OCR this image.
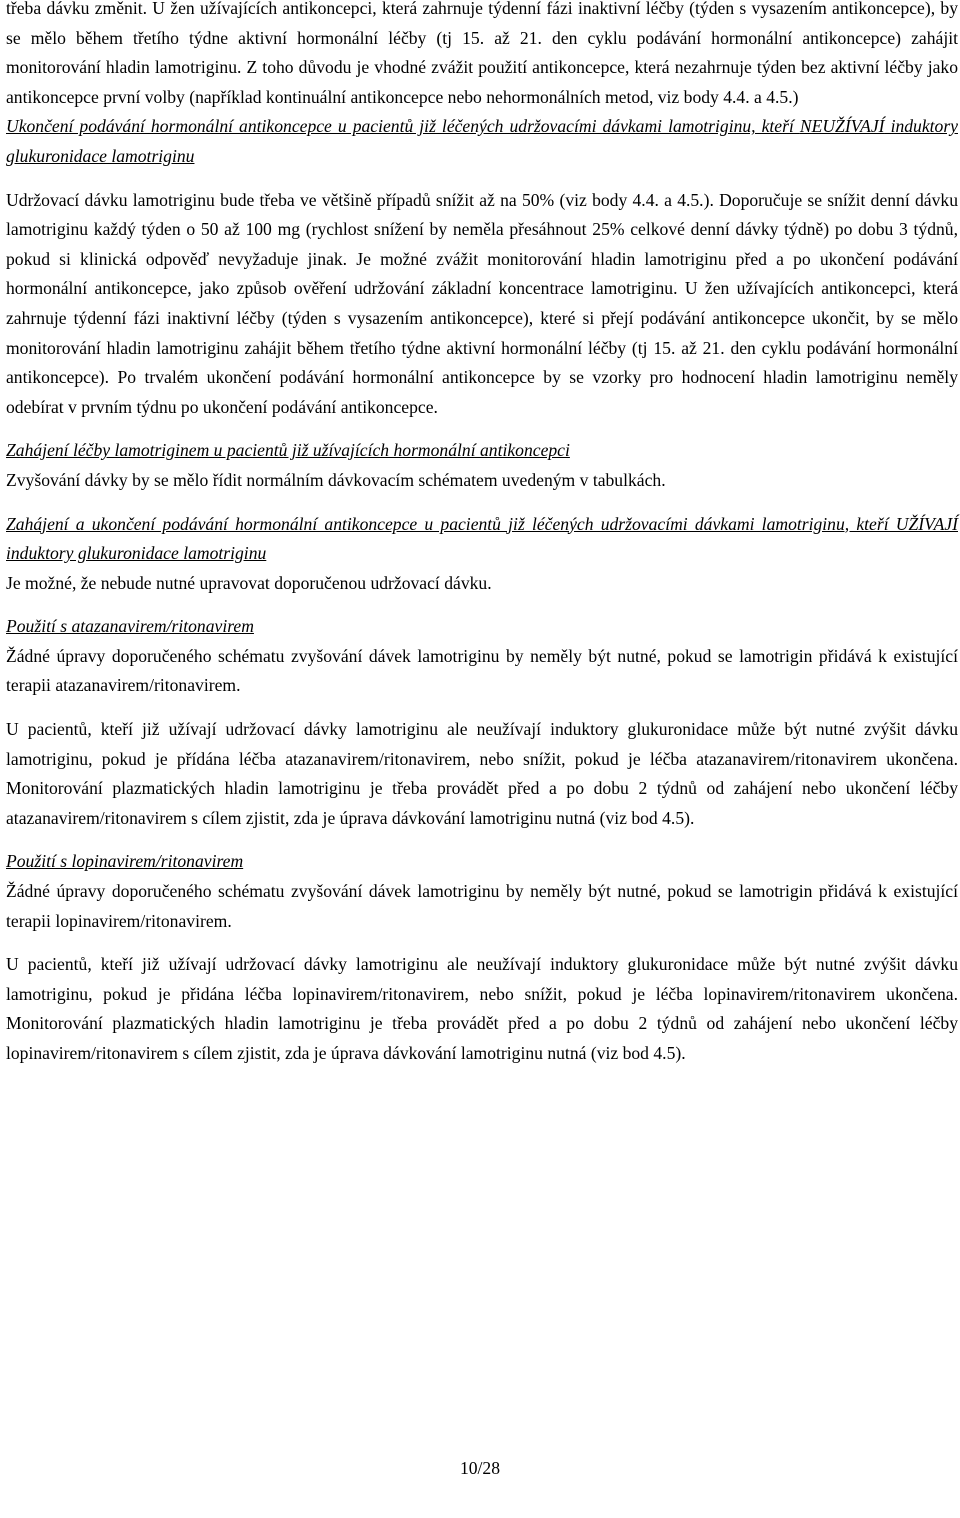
třeba dávku změnit. U žen užívajících antikoncepci, která zahrnuje týdenní fázi inaktivní léčby (týden s vysazením antikoncepce), by se mělo během třetího týdne aktivní hormonální léčby (tj 15. až 21. den cyklu podávání hormonální antikoncepce) zahájit monitorování hladin lamotriginu. Z toho důvodu je vhodné zvážit použití antikoncepce, která nezahrnuje týden bez aktivní léčby jako antikoncepce první volby (například kontinuální antikoncepce nebo nehormonálních metod, viz body 4.4. a 4.5.)

Ukončení podávání hormonální antikoncepce u pacientů již léčených udržovacími dávkami lamotriginu, kteří NEUŽÍVAJÍ induktory glukuronidace lamotriginu

Udržovací dávku lamotriginu bude třeba ve většině případů snížit až na 50% (viz body 4.4. a 4.5.). Doporučuje se snížit denní dávku lamotriginu každý týden o 50 až 100 mg (rychlost snížení by neměla přesáhnout 25% celkové denní dávky týdně) po dobu 3 týdnů, pokud si klinická odpověď nevyžaduje jinak. Je možné zvážit monitorování hladin lamotriginu před a po ukončení podávání hormonální antikoncepce, jako způsob ověření udržování základní koncentrace lamotriginu. U žen užívajících antikoncepci, která zahrnuje týdenní fázi inaktivní léčby (týden s vysazením antikoncepce), které si přejí podávání antikoncepce ukončit, by se mělo monitorování hladin lamotriginu zahájit během třetího týdne aktivní hormonální léčby (tj 15. až 21. den cyklu podávání hormonální antikoncepce). Po trvalém ukončení podávání hormonální antikoncepce by se vzorky pro hodnocení hladin lamotriginu neměly odebírat v prvním týdnu po ukončení podávání antikoncepce.

Zahájení léčby lamotriginem u pacientů již užívajících hormonální antikoncepci

Zvyšování dávky by se mělo řídit normálním dávkovacím schématem uvedeným v tabulkách.

Zahájení a ukončení podávání hormonální antikoncepce u pacientů již léčených udržovacími dávkami lamotriginu, kteří UŽÍVAJÍ induktory glukuronidace lamotriginu

Je možné, že nebude nutné upravovat doporučenou udržovací dávku.

Použití s atazanavirem/ritonavirem

Žádné úpravy doporučeného schématu zvyšování dávek lamotriginu by neměly být nutné, pokud se lamotrigin přidává k existující terapii atazanavirem/ritonavirem.

U pacientů, kteří již užívají udržovací dávky lamotriginu ale neužívají induktory glukuronidace může být nutné zvýšit dávku lamotriginu, pokud je přídána léčba atazanavirem/ritonavirem, nebo snížit, pokud je léčba atazanavirem/ritonavirem ukončena. Monitorování plazmatických hladin lamotriginu je třeba provádět před a po dobu 2 týdnů od zahájení nebo ukončení léčby atazanavirem/ritonavirem s cílem zjistit, zda je úprava dávkování lamotriginu nutná (viz bod 4.5).

Použití s lopinavirem/ritonavirem

Žádné úpravy doporučeného schématu zvyšování dávek lamotriginu by neměly být nutné, pokud se lamotrigin přidává k existující terapii lopinavirem/ritonavirem.

U pacientů, kteří již užívají udržovací dávky lamotriginu ale neužívají induktory glukuronidace může být nutné zvýšit dávku lamotriginu, pokud je přidána léčba lopinavirem/ritonavirem, nebo snížit, pokud je léčba lopinavirem/ritonavirem ukončena. Monitorování plazmatických hladin lamotriginu je třeba provádět před a po dobu 2 týdnů od zahájení nebo ukončení léčby lopinavirem/ritonavirem s cílem zjistit, zda je úprava dávkování lamotriginu nutná (viz bod 4.5).

10/28
